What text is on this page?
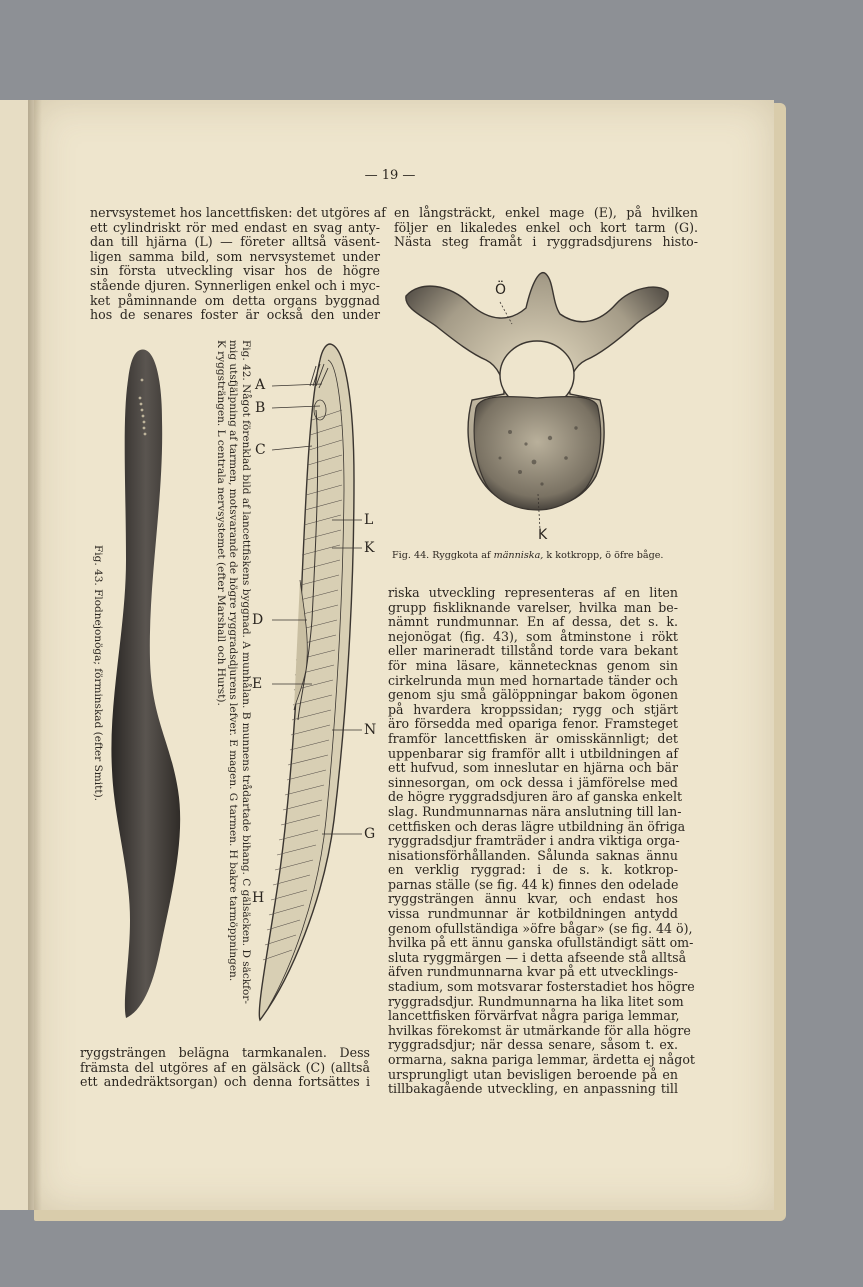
— 19 —
nervsystemet hos lancettfisken: det utgöres af
ett cylindriskt rör med endast en svag anty-
dan till hjärna (L) — företer alltså väsent-
ligen samma bild, som nervsystemet under
sin första utveckling visar hos de högre
stående djuren. Synnerligen enkel och i myc-
ket påminnande om detta organs byggnad
hos de senares foster är också den under
en långsträckt, enkel mage (E), på hvilken
följer en likaledes enkel och kort tarm (G).
Nästa steg framåt i ryggradsdjurens histo-
riska utveckling representeras af en liten
grupp fiskliknande varelser, hvilka man be-
nämnt rundmunnar. En af dessa, det s. k.
nejonögat (fig. 43), som åtminstone i rökt
eller marineradt tillstånd torde vara bekant
för mina läsare, kännetecknas genom sin
cirkelrunda mun med hornartade tänder och
genom sju små gälöppningar bakom ögonen
på hvardera kroppssidan; rygg och stjärt
äro försedda med opariga fenor. Framsteget
framför lancettfisken är omisskännligt; det
uppenbarar sig framför allt i utbildningen af
ett hufvud, som inneslutar en hjärna och bär
sinnesorgan, om ock dessa i jämförelse med
de högre ryggradsdjuren äro af ganska enkelt
slag. Rundmunnarnas nära anslutning till lan-
cettfisken och deras lägre utbildning än öfriga
ryggradsdjur framträder i andra viktiga orga-
nisationsförhållanden. Sålunda saknas ännu
en verklig ryggrad: i de s. k. kotkrop-
parnas ställe (se fig. 44 k) finnes den odelade
ryggsträngen ännu kvar, och endast hos
vissa rundmunnar är kotbildningen antydd
genom ofullständiga »öfre bågar» (se fig. 44 ö),
hvilka på ett ännu ganska ofullständigt sätt om-
sluta ryggmärgen — i detta afseende stå alltså
äfven rundmunnarna kvar på ett utvecklings-
stadium, som motsvarar fosterstadiet hos högre
ryggradsdjur. Rundmunnarna ha lika litet som
lancettfisken förvärfvat några pariga lemmar,
hvilkas förekomst är utmärkande för alla högre
ryggradsdjur; när dessa senare, såsom t. ex.
ormarna, sakna pariga lemmar, ärdetta ej något
ursprungligt utan bevisligen beroende på en
tillbakagående utveckling, en anpassning till
ryggsträngen belägna tarmkanalen. Dess
främsta del utgöres af en gälsäck (C) (alltså
ett andedräktsorgan) och denna fortsättes i
Fig. 43. Flodnejonöga; förminskad (efter Smitt).	Fig. 42. Något förenklad bild af lancettfiskens byggnad. A munhålan. B munnens trådartade bihang. C gälsäcken. D säckfor-
mig utsfjälpning af tarmen, motsvarande de högre ryggradsdjurens lefver. E magen. G tarmen. H bakre tarmöppningen.
K ryggsträngen. L centrala nervsystemet (efter Marshall och Hurst). A
B
C
L
K
D
E
N
G
H
Ö
K
Fig. 44. Ryggkota af människa, k kotkropp, ö öfre båge.
